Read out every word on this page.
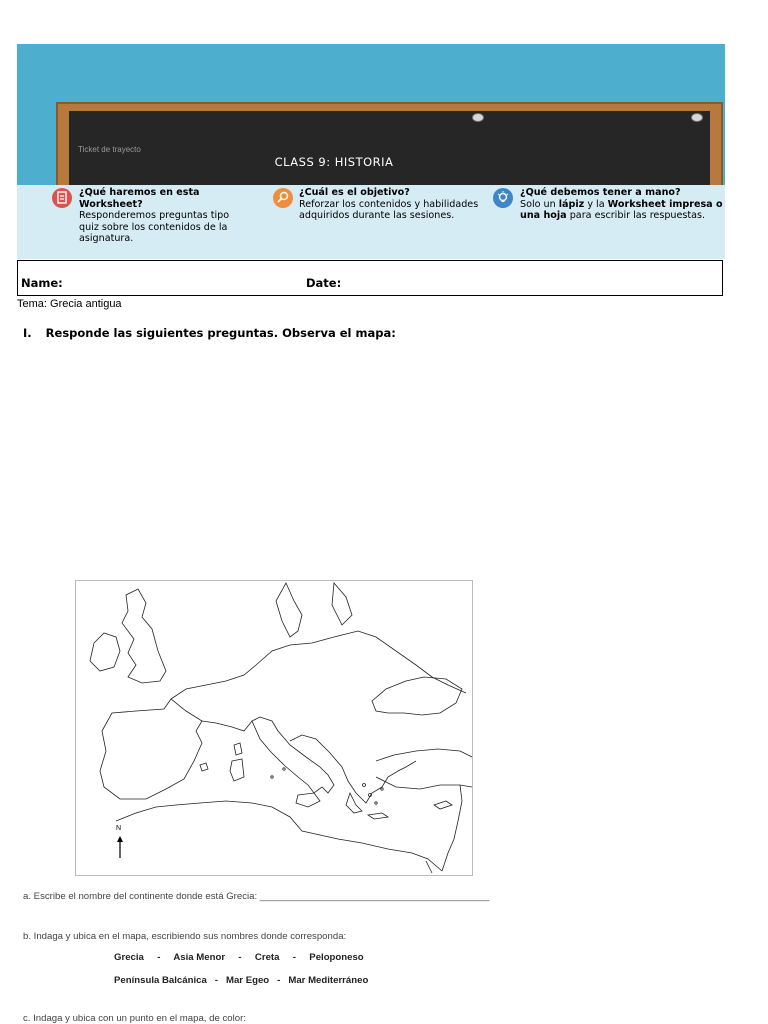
Ticket de trayecto
CLASS 9: HISTORIA
¿Qué haremos en esta Worksheet?
Responderemos preguntas tipo quiz sobre los contenidos de la asignatura.
¿Cuál es el objetivo?
Reforzar los contenidos y habilidades adquiridos durante las sesiones.
¿Qué debemos tener a mano?
Solo un lápiz y la Worksheet impresa o una hoja para escribir las respuestas.
Name:	Date:
Tema: Grecia antigua
I. Responde las siguientes preguntas. Observa el mapa:
N
a. Escribe el nombre del continente donde está Grecia: ___________________________________________
b. Indaga y ubica en el mapa, escribiendo sus nombres donde corresponda:
Grecia     -     Asia Menor     -     Creta     -     Peloponeso
Península Balcánica   -   Mar Egeo   -   Mar Mediterráneo
c. Indaga y ubica con un punto en el mapa, de color:
